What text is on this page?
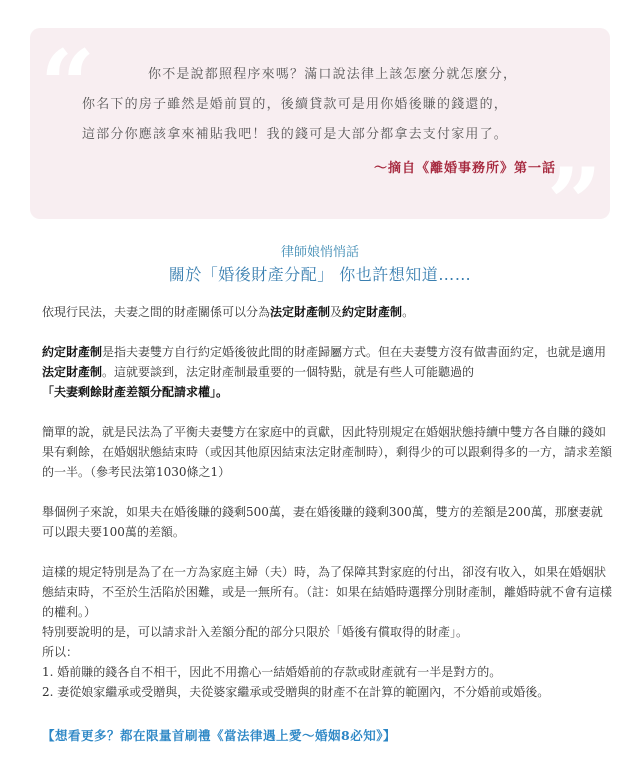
“
”
你不是說都照程序來嗎？滿口說法律上該怎麼分就怎麼分，
你名下的房子雖然是婚前買的，後續貸款可是用你婚後賺的錢還的，
這部分你應該拿來補貼我吧！我的錢可是大部分都拿去支付家用了。
～摘自《離婚事務所》第一話
律師娘悄悄話
關於「婚後財產分配」 你也許想知道……

依現行民法，夫妻之間的財產關係可以分為法定財產制及約定財產制。

約定財產制是指夫妻雙方自行約定婚後彼此間的財產歸屬方式。但在夫妻雙方沒有做書面約定，也就是適用法定財產制。這就要談到，法定財產制最重要的一個特點，就是有些人可能聽過的
「夫妻剩餘財產差額分配請求權」。

簡單的說，就是民法為了平衡夫妻雙方在家庭中的貢獻，因此特別規定在婚姻狀態持續中雙方各自賺的錢如果有剩餘，在婚姻狀態結束時（或因其他原因結束法定財產制時），剩得少的可以跟剩得多的一方，請求差額的一半。（參考民法第1030條之1）

舉個例子來說，如果夫在婚後賺的錢剩500萬，妻在婚後賺的錢剩300萬，雙方的差額是200萬，那麼妻就可以跟夫要100萬的差額。

這樣的規定特別是為了在一方為家庭主婦（夫）時，為了保障其對家庭的付出，卻沒有收入，如果在婚姻狀態結束時，不至於生活陷於困難，或是一無所有。（註：如果在結婚時選擇分別財產制，離婚時就不會有這樣的權利。）

特別要說明的是，可以請求計入差額分配的部分只限於「婚後有償取得的財產」。

所以：

1. 婚前賺的錢各自不相干，因此不用擔心一結婚婚前的存款或財產就有一半是對方的。

2. 妻從娘家繼承或受贈與，夫從婆家繼承或受贈與的財產不在計算的範圍內，不分婚前或婚後。

【想看更多？都在限量首刷禮《當法律遇上愛～婚姻8必知》】
